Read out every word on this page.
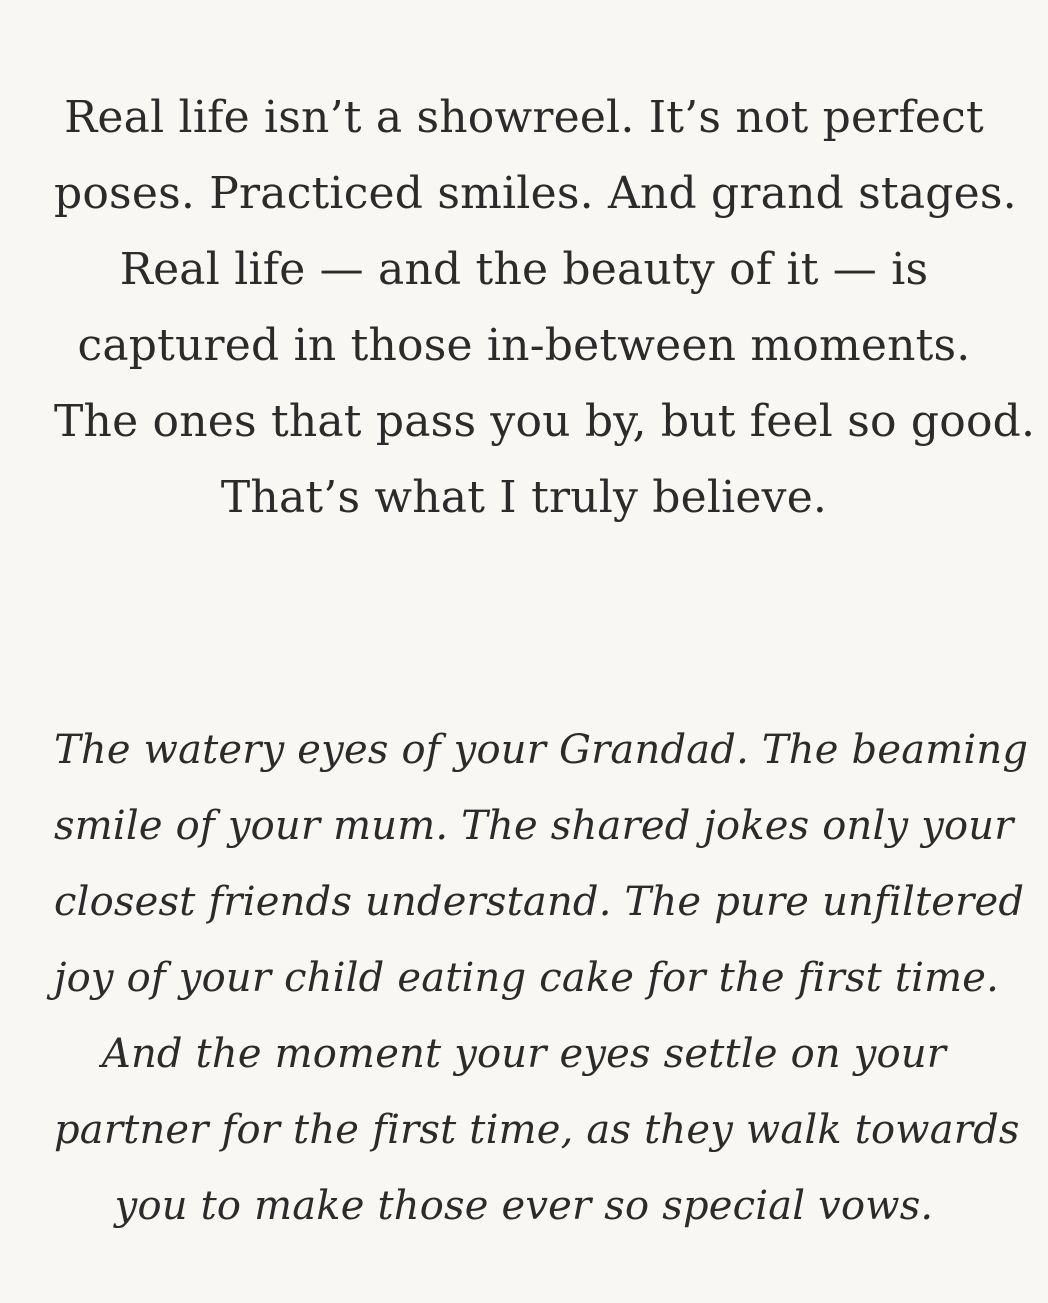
Real life isn’t a showreel. It’s not perfect
poses. Practiced smiles. And grand stages.
Real life — and the beauty of it — is
captured in those in-between moments.
The ones that pass you by, but feel so good.
That’s what I truly believe.

The watery eyes of your Grandad. The beaming
smile of your mum. The shared jokes only your
closest friends understand. The pure unfiltered
joy of your child eating cake for the first time.
And the moment your eyes settle on your
partner for the first time, as they walk towards
you to make those ever so special vows.
